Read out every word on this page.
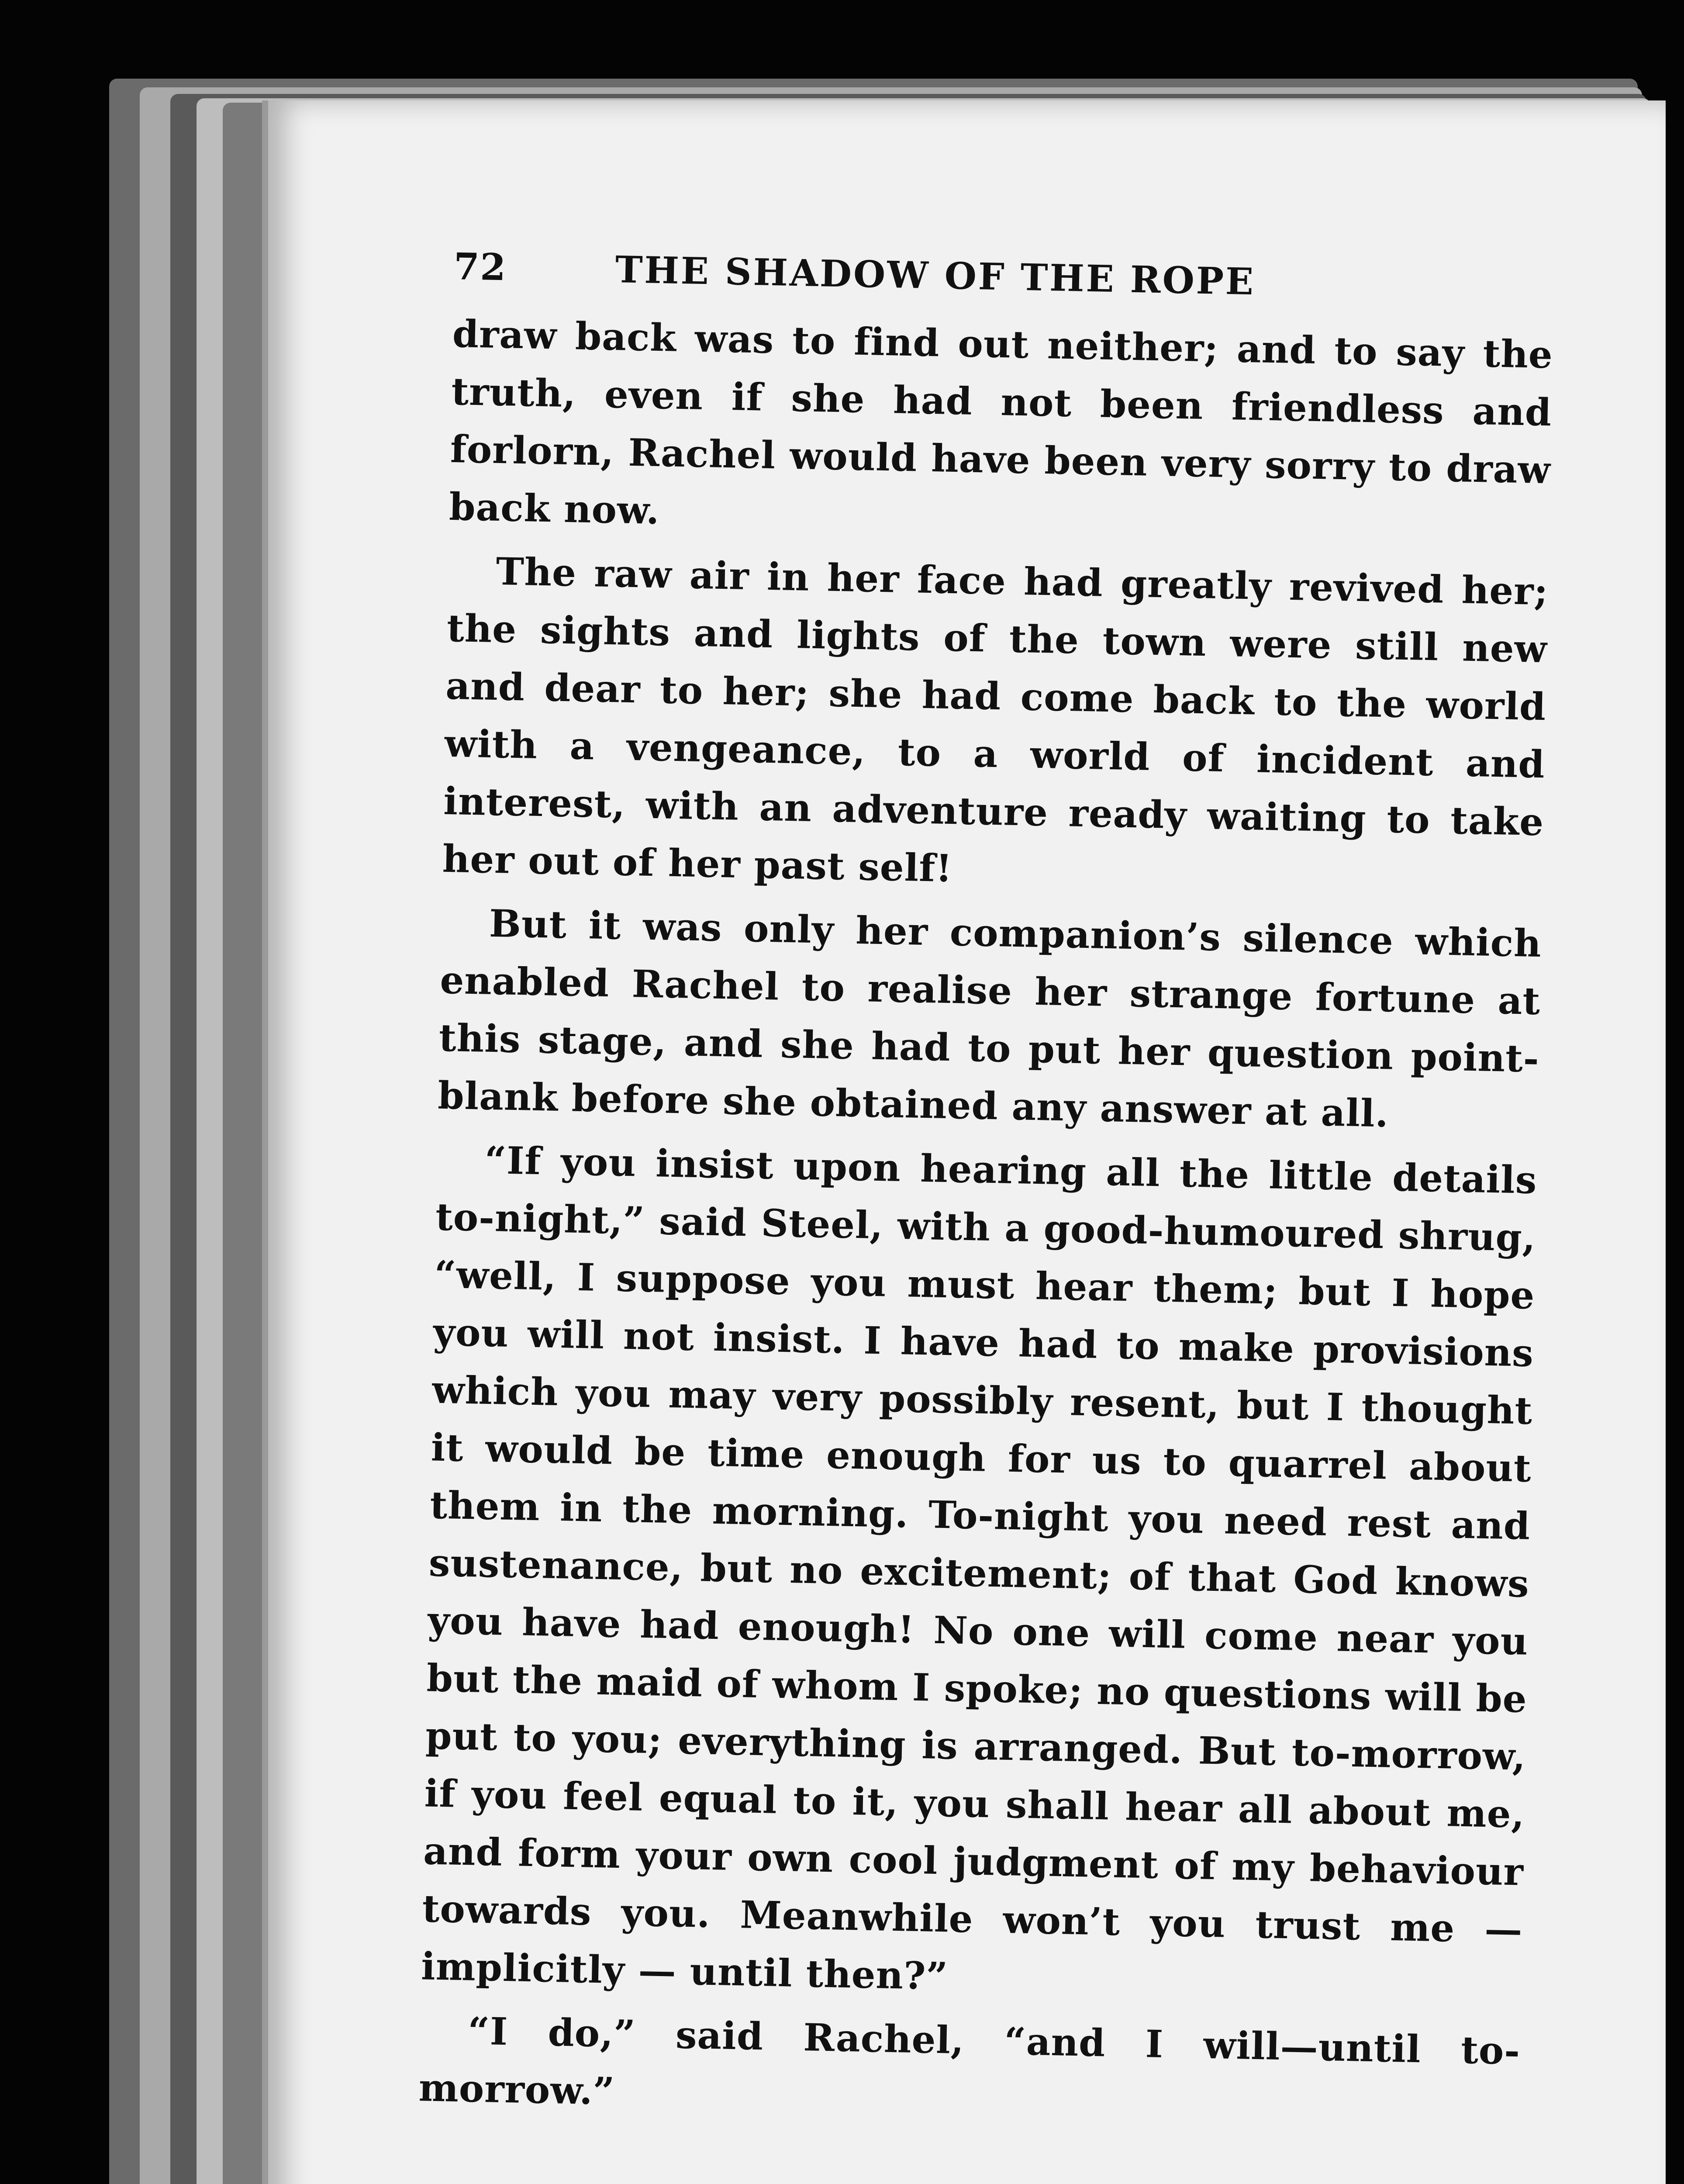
72	THE SHADOW OF THE ROPE

draw back was to find out neither; and to say the truth, even if she had not been friendless and forlorn, Rachel would have been very sorry to draw back now.

The raw air in her face had greatly revived her; the sights and lights of the town were still new and dear to her; she had come back to the world with a vengeance, to a world of incident and interest, with an adventure ready waiting to take her out of her past self!

But it was only her companion’s silence which enabled Rachel to realise her strange fortune at this stage, and she had to put her question point-blank before she obtained any answer at all.

“If you insist upon hearing all the little details to-night,” said Steel, with a good-humoured shrug, “well, I suppose you must hear them; but I hope you will not insist. I have had to make provisions which you may very possibly resent, but I thought it would be time enough for us to quarrel about them in the morning. To-night you need rest and sustenance, but no excitement; of that God knows you have had enough! No one will come near you but the maid of whom I spoke; no questions will be put to you; everything is arranged. But to-morrow, if you feel equal to it, you shall hear all about me, and form your own cool judgment of my behaviour towards you. Meanwhile won’t you trust me — implicitly — until then?”

“I do,” said Rachel, “and I will—until to-morrow.”
